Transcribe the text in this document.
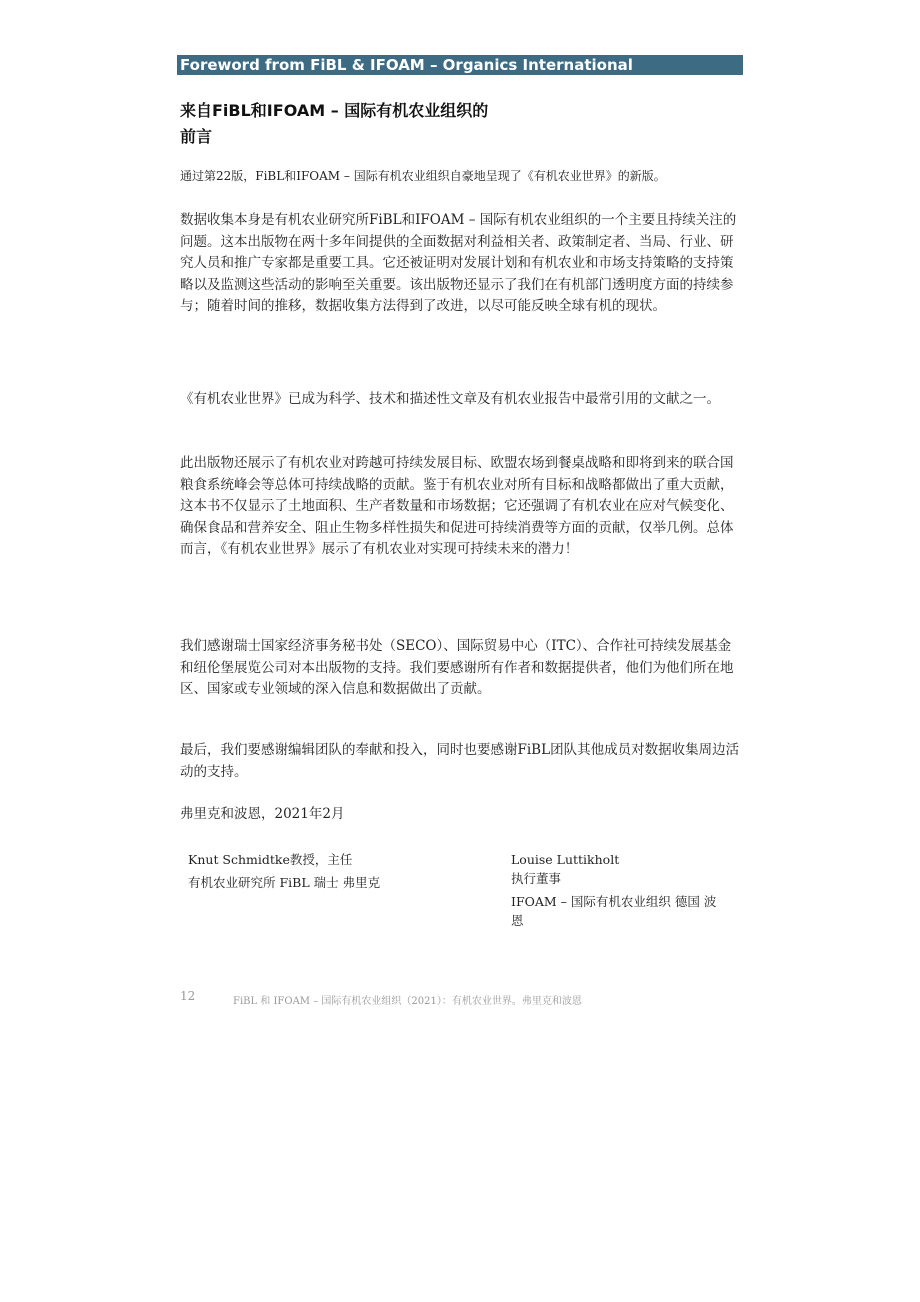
Foreword from FiBL & IFOAM – Organics International
来自FiBL和IFOAM – 国际有机农业组织的
前言
通过第22版，FiBL和IFOAM – 国际有机农业组织自豪地呈现了《有机农业世界》的新版。
数据收集本身是有机农业研究所FiBL和IFOAM – 国际有机农业组织的一个主要且持续关注的问题。这本出版物在两十多年间提供的全面数据对利益相关者、政策制定者、当局、行业、研究人员和推广专家都是重要工具。它还被证明对发展计划和有机农业和市场支持策略的支持策略以及监测这些活动的影响至关重要。该出版物还显示了我们在有机部门透明度方面的持续参与；随着时间的推移，数据收集方法得到了改进，以尽可能反映全球有机的现状。
《有机农业世界》已成为科学、技术和描述性文章及有机农业报告中最常引用的文献之一。
此出版物还展示了有机农业对跨越可持续发展目标、欧盟农场到餐桌战略和即将到来的联合国粮食系统峰会等总体可持续战略的贡献。鉴于有机农业对所有目标和战略都做出了重大贡献，这本书不仅显示了土地面积、生产者数量和市场数据；它还强调了有机农业在应对气候变化、确保食品和营养安全、阻止生物多样性损失和促进可持续消费等方面的贡献，仅举几例。总体而言，《有机农业世界》展示了有机农业对实现可持续未来的潜力！
我们感谢瑞士国家经济事务秘书处（SECO）、国际贸易中心（ITC）、合作社可持续发展基金和纽伦堡展览公司对本出版物的支持。我们要感谢所有作者和数据提供者，他们为他们所在地区、国家或专业领域的深入信息和数据做出了贡献。
最后，我们要感谢编辑团队的奉献和投入，同时也要感谢FiBL团队其他成员对数据收集周边活动的支持。
弗里克和波恩，2021年2月
Knut Schmidtke教授，主任
有机农业研究所 FiBL 瑞士 弗里克
Louise Luttikholt
执行董事
IFOAM – 国际有机农业组织 德国 波恩
12	FiBL 和 IFOAM – 国际有机农业组织（2021）：有机农业世界。弗里克和波恩
